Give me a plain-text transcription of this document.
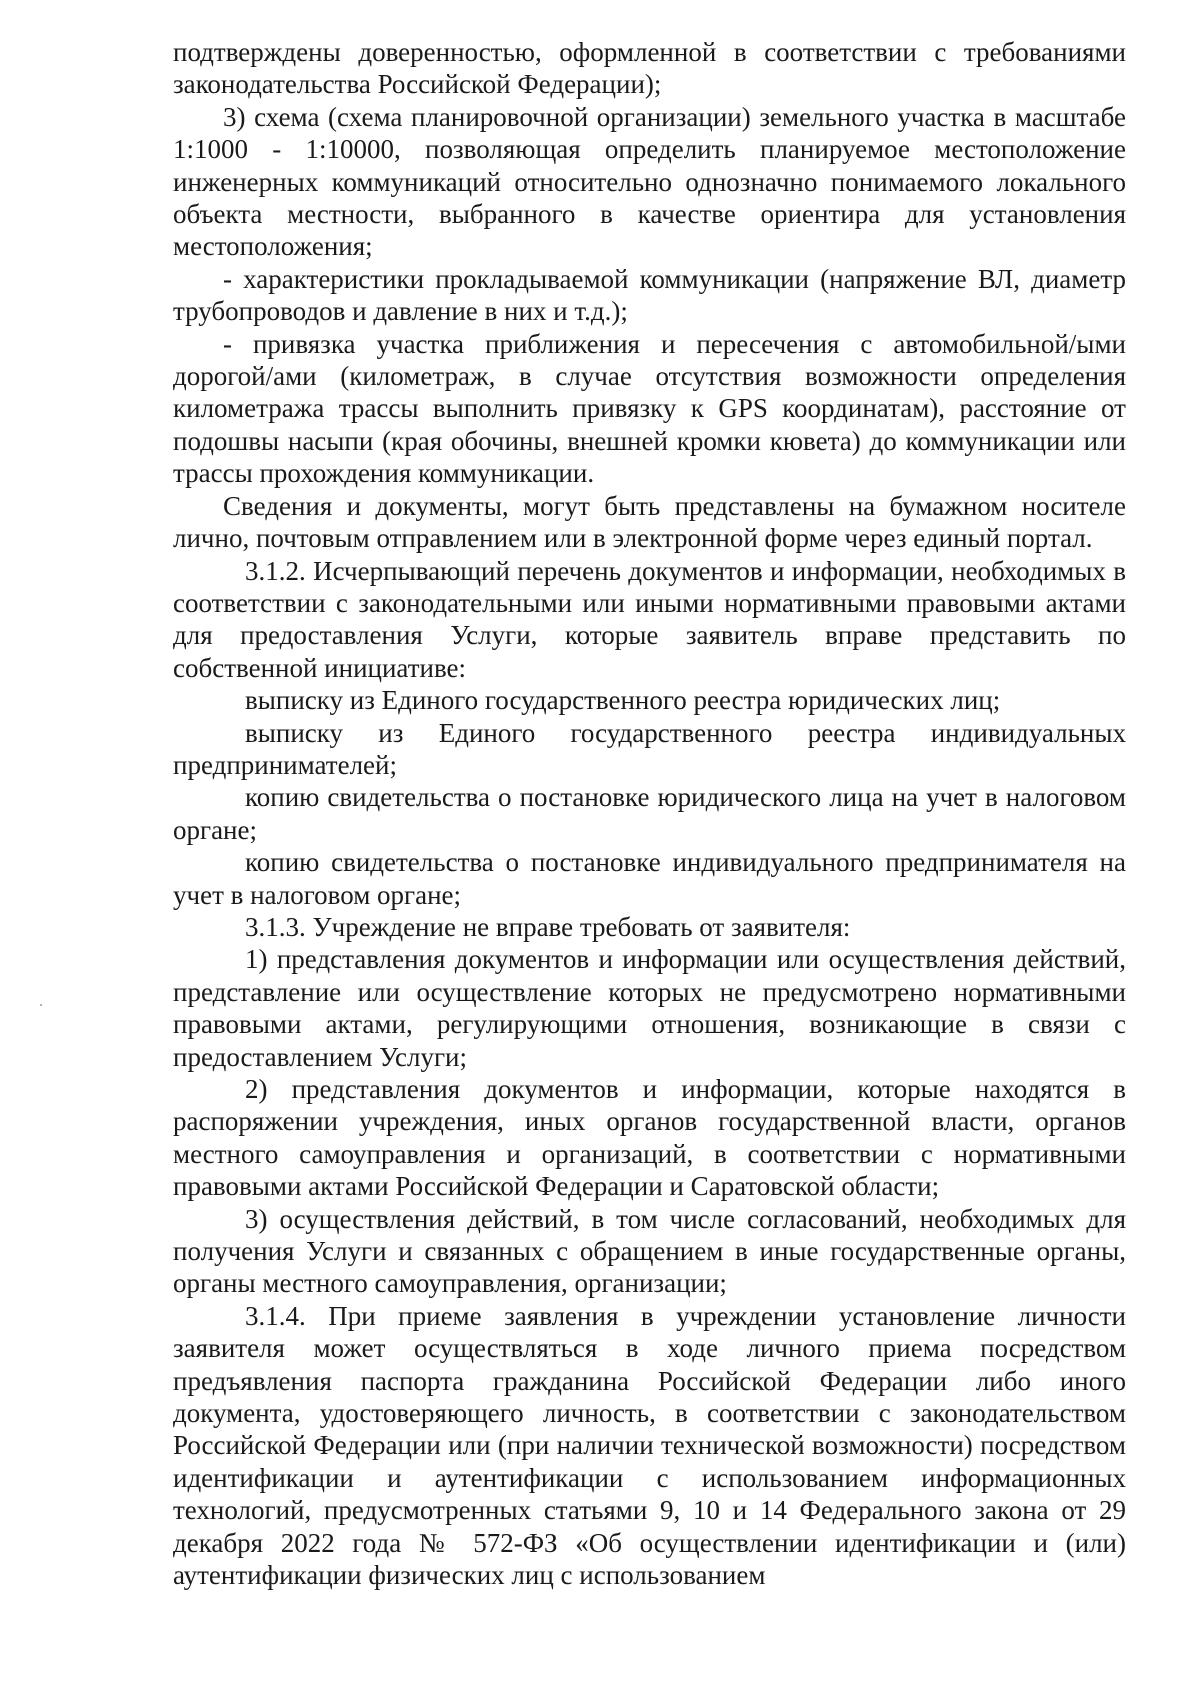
подтверждены доверенностью, оформленной в соответствии с требованиями законодательства Российской Федерации);

3) схема (схема планировочной организации) земельного участка в масштабе 1:1000 - 1:10000, позволяющая определить планируемое местоположение инженерных коммуникаций относительно однозначно понимаемого локального объекта местности, выбранного в качестве ориентира для установления местоположения;

- характеристики прокладываемой коммуникации (напряжение ВЛ, диаметр трубопроводов и давление в них и т.д.);

- привязка участка приближения и пересечения с автомобильной/ыми дорогой/ами (километраж, в случае отсутствия возможности определения километража трассы выполнить привязку к GPS координатам), расстояние от подошвы насыпи (края обочины, внешней кромки кювета) до коммуникации или трассы прохождения коммуникации.

Сведения и документы, могут быть представлены на бумажном носителе лично, почтовым отправлением или в электронной форме через единый портал.

3.1.2. Исчерпывающий перечень документов и информации, необходимых в соответствии с законодательными или иными нормативными правовыми актами для предоставления Услуги, которые заявитель вправе представить по собственной инициативе:

выписку из Единого государственного реестра юридических лиц;

выписку из Единого государственного реестра индивидуальных предпринимателей;

копию свидетельства о постановке юридического лица на учет в налоговом органе;

копию свидетельства о постановке индивидуального предпринимателя на учет в налоговом органе;

3.1.3. Учреждение не вправе требовать от заявителя:

1) представления документов и информации или осуществления действий, представление или осуществление которых не предусмотрено нормативными правовыми актами, регулирующими отношения, возникающие в связи с предоставлением Услуги;

2) представления документов и информации, которые находятся в распоряжении учреждения, иных органов государственной власти, органов местного самоуправления и организаций, в соответствии с нормативными правовыми актами Российской Федерации и Саратовской области;

3) осуществления действий, в том числе согласований, необходимых для получения Услуги и связанных с обращением в иные государственные органы, органы местного самоуправления, организации;

3.1.4. При приеме заявления в учреждении установление личности заявителя может осуществляться в ходе личного приема посредством предъявления паспорта гражданина Российской Федерации либо иного документа, удостоверяющего личность, в соответствии с законодательством Российской Федерации или (при наличии технической возможности) посредством идентификации и аутентификации с использованием информационных технологий, предусмотренных статьями 9, 10 и 14 Федерального закона от 29 декабря 2022 года № 572-ФЗ «Об осуществлении идентификации и (или) аутентификации физических лиц с использованием
